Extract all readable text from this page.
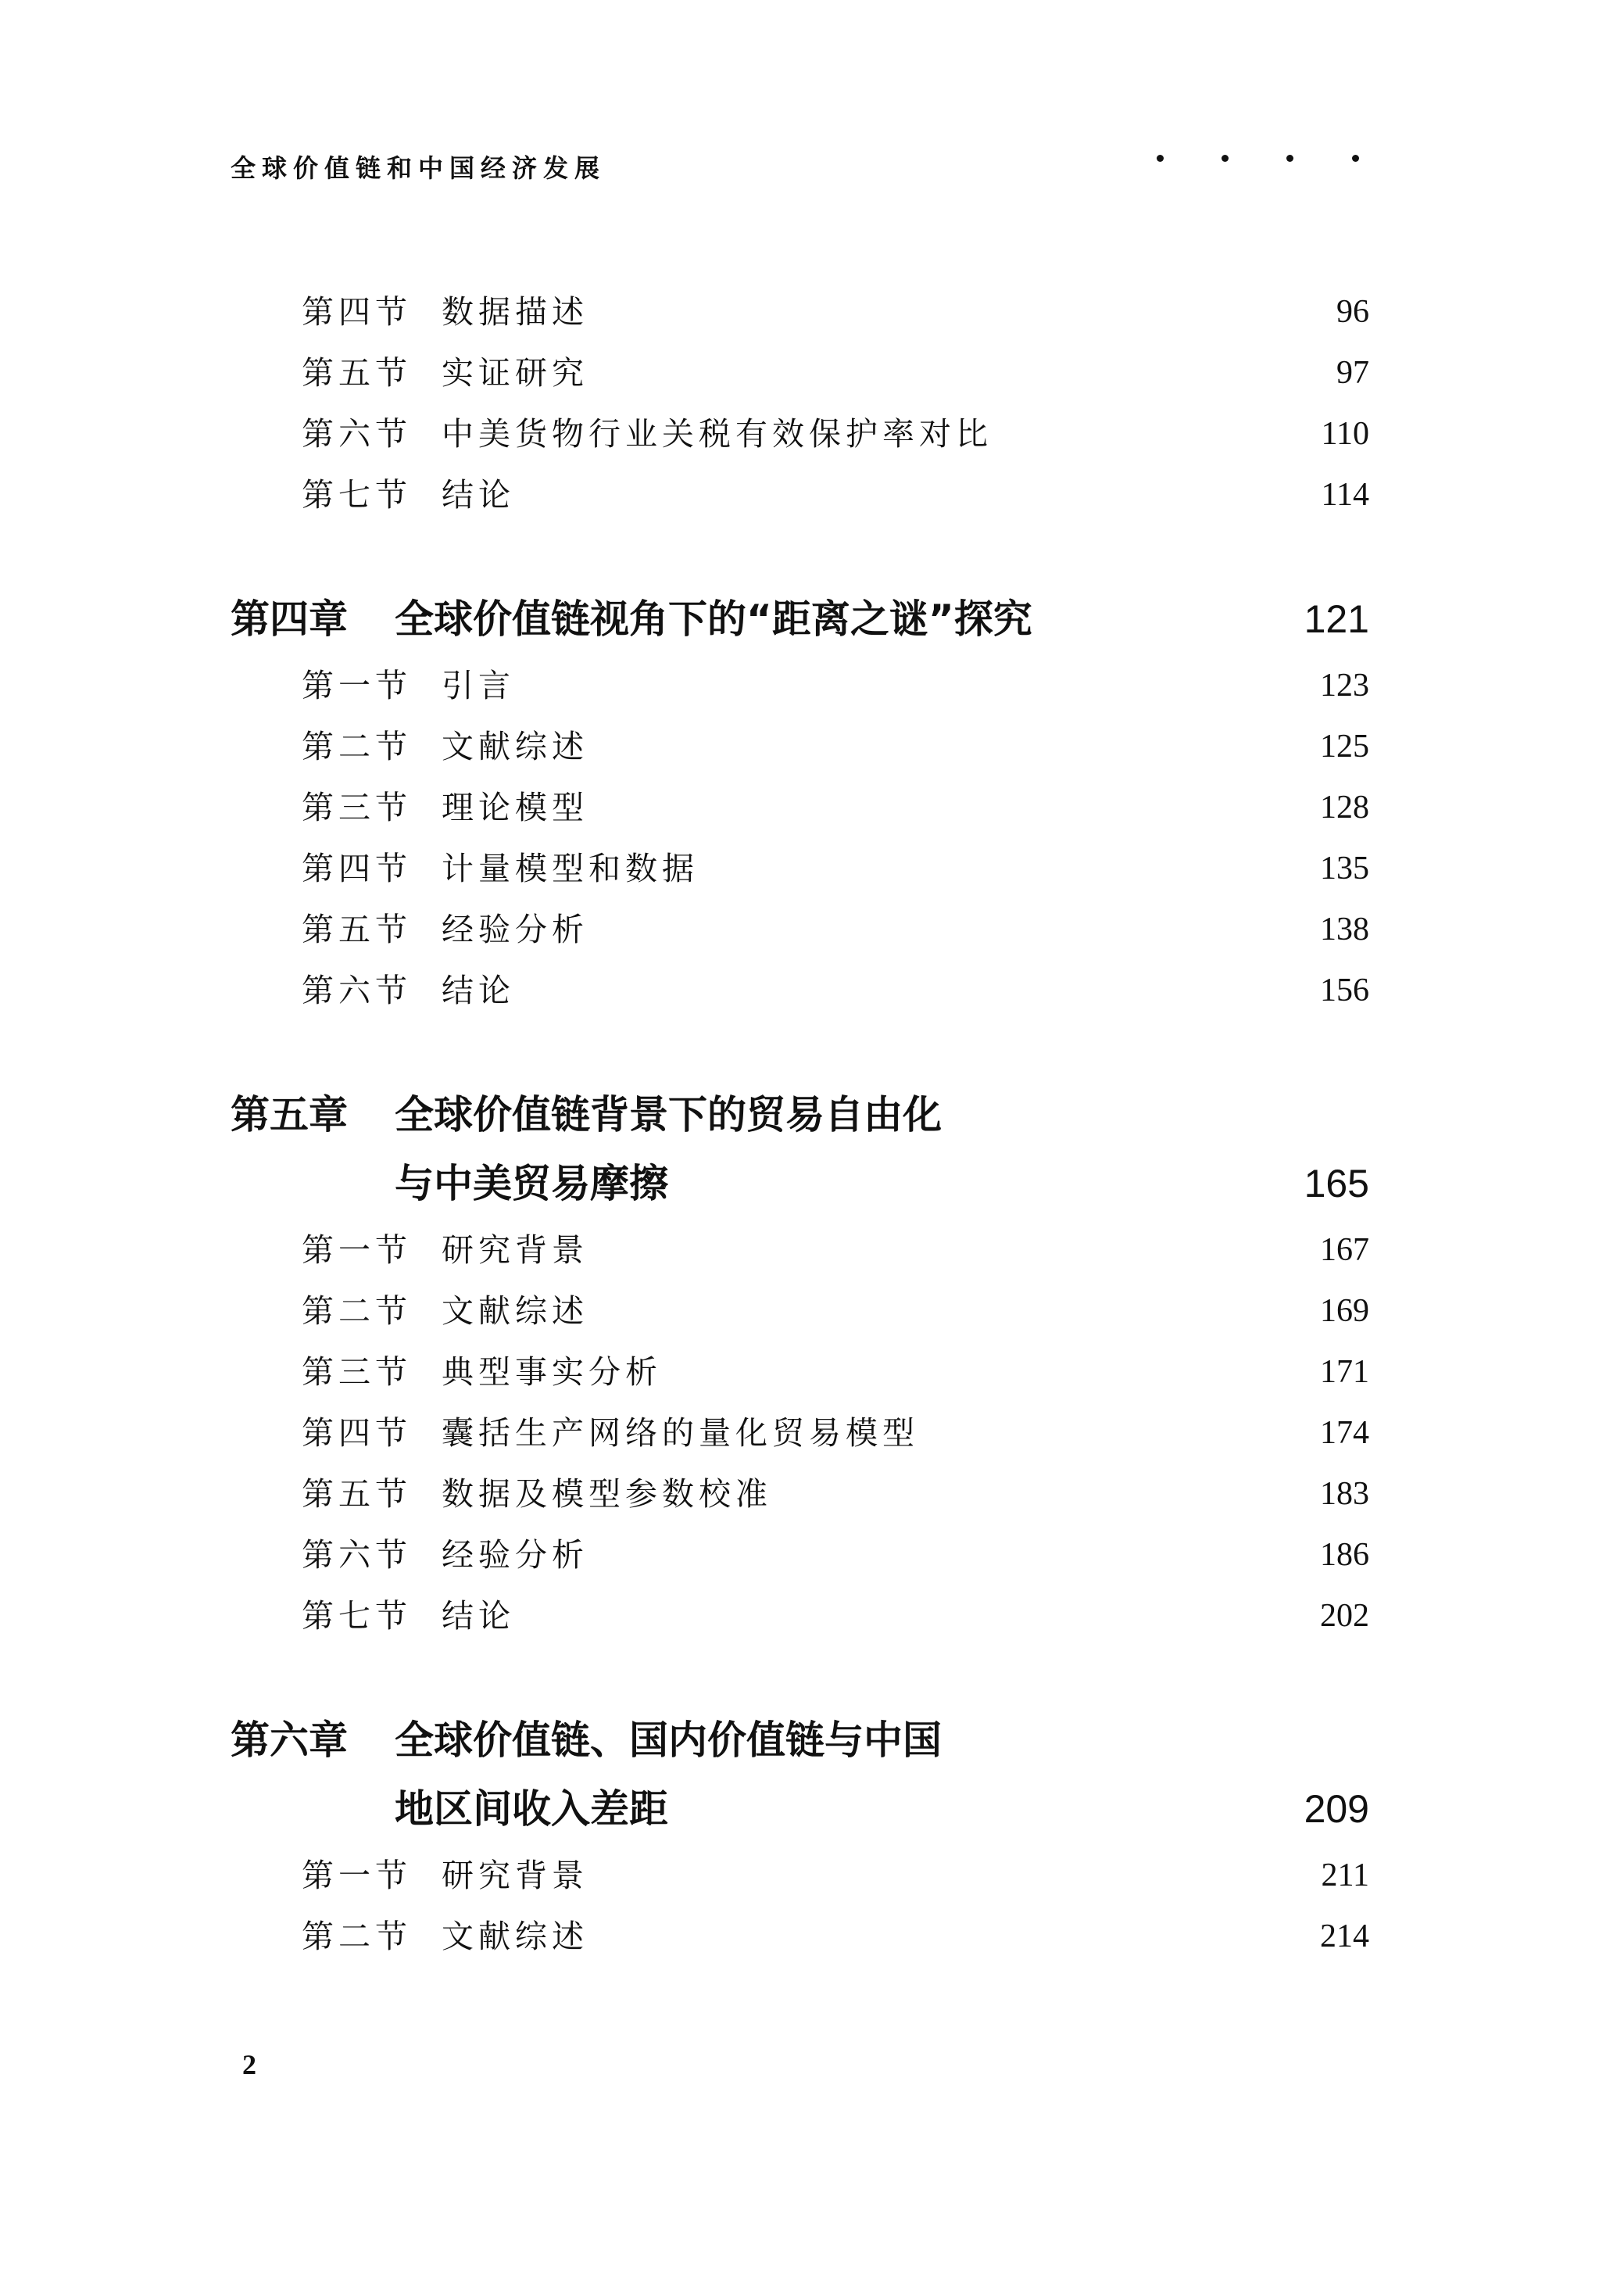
全球价值链和中国经济发展
第四节 数据描述	96
第五节 实证研究	97
第六节 中美货物行业关税有效保护率对比	110
第七节 结论	114
第四章 全球价值链视角下的“距离之谜”探究	121
第一节 引言	123
第二节 文献综述	125
第三节 理论模型	128
第四节 计量模型和数据	135
第五节 经验分析	138
第六节 结论	156
第五章 全球价值链背景下的贸易自由化
与中美贸易摩擦	165
第一节 研究背景	167
第二节 文献综述	169
第三节 典型事实分析	171
第四节 囊括生产网络的量化贸易模型	174
第五节 数据及模型参数校准	183
第六节 经验分析	186
第七节 结论	202
第六章 全球价值链、国内价值链与中国
地区间收入差距	209
第一节 研究背景	211
第二节 文献综述	214
2
